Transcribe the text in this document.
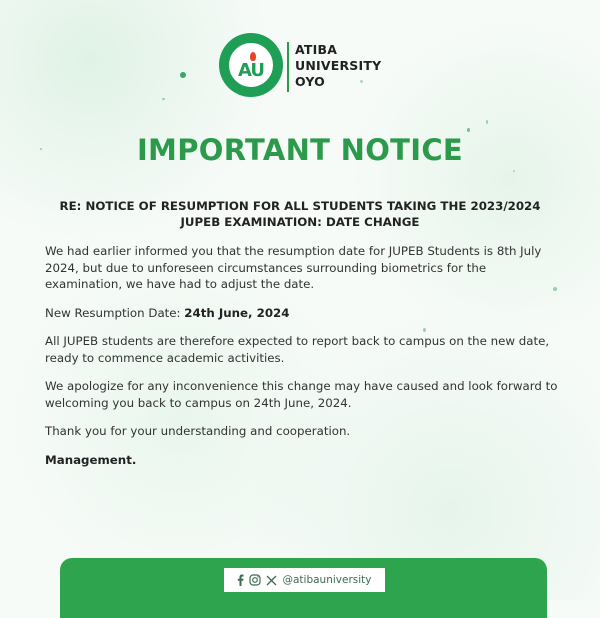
AU
ATIBA
UNIVERSITY
OYO
IMPORTANT NOTICE
RE: NOTICE OF RESUMPTION FOR ALL STUDENTS TAKING THE 2023/2024
JUPEB EXAMINATION: DATE CHANGE

We had earlier informed you that the resumption date for JUPEB Students is 8th July 2024, but due to unforeseen circumstances surrounding biometrics for the examination, we have had to adjust the date.

New Resumption Date: 24th June, 2024

All JUPEB students are therefore expected to report back to campus on the new date, ready to commence academic activities.

We apologize for any inconvenience this change may have caused and look forward to welcoming you back to campus on 24th June, 2024.

Thank you for your understanding and cooperation.

Management.

@atibauniversity
